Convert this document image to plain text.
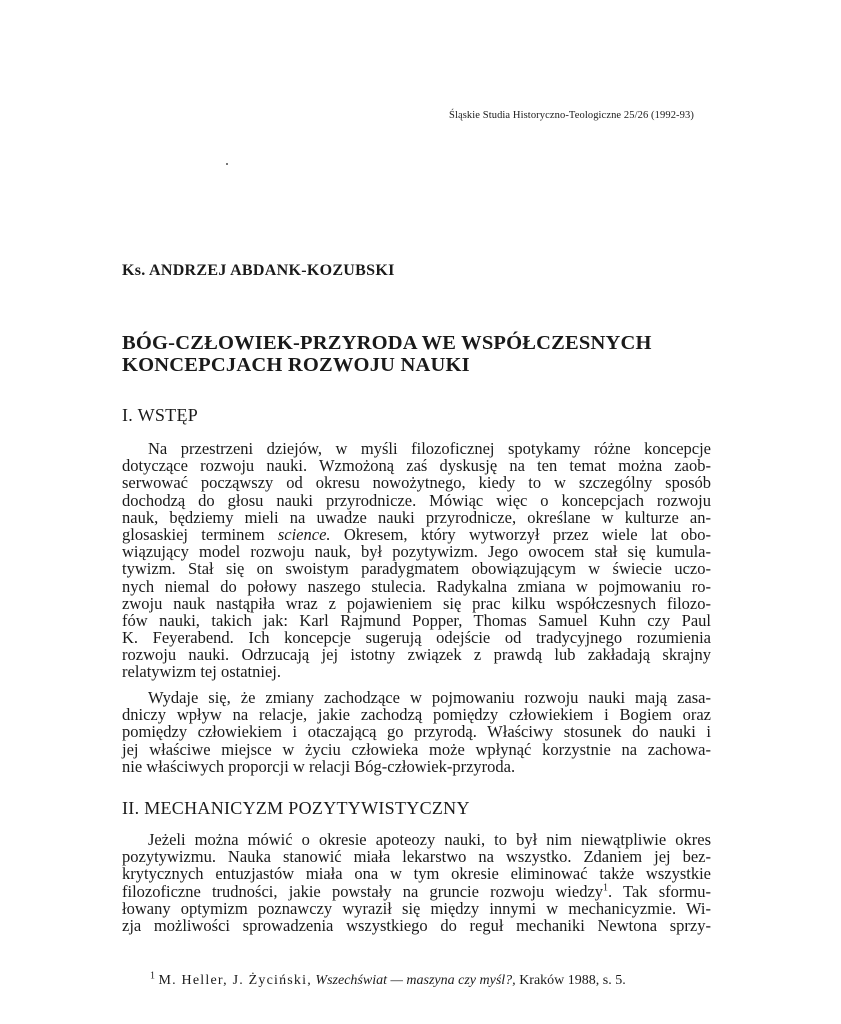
Śląskie Studia Historyczno-Teologiczne 25/26 (1992-93)
Ks. ANDRZEJ ABDANK-KOZUBSKI
BÓG-CZŁOWIEK-PRZYRODA WE WSPÓŁCZESNYCH
KONCEPCJACH ROZWOJU NAUKI
I. WSTĘP
Na przestrzeni dziejów, w myśli filozoficznej spotykamy różne koncepcje
dotyczące rozwoju nauki. Wzmożoną zaś dyskusję na ten temat można zaob-
serwować począwszy od okresu nowożytnego, kiedy to w szczególny sposób
dochodzą do głosu nauki przyrodnicze. Mówiąc więc o koncepcjach rozwoju
nauk, będziemy mieli na uwadze nauki przyrodnicze, określane w kulturze an-
glosaskiej terminem science. Okresem, który wytworzył przez wiele lat obo-
wiązujący model rozwoju nauk, był pozytywizm. Jego owocem stał się kumula-
tywizm. Stał się on swoistym paradygmatem obowiązującym w świecie uczo-
nych niemal do połowy naszego stulecia. Radykalna zmiana w pojmowaniu ro-
zwoju nauk nastąpiła wraz z pojawieniem się prac kilku współczesnych filozo-
fów nauki, takich jak: Karl Rajmund Popper, Thomas Samuel Kuhn czy Paul
K. Feyerabend. Ich koncepcje sugerują odejście od tradycyjnego rozumienia
rozwoju nauki. Odrzucają jej istotny związek z prawdą lub zakładają skrajny
relatywizm tej ostatniej.
Wydaje się, że zmiany zachodzące w pojmowaniu rozwoju nauki mają zasa-
dniczy wpływ na relacje, jakie zachodzą pomiędzy człowiekiem i Bogiem oraz
pomiędzy człowiekiem i otaczającą go przyrodą. Właściwy stosunek do nauki i
jej właściwe miejsce w życiu człowieka może wpłynąć korzystnie na zachowa-
nie właściwych proporcji w relacji Bóg-człowiek-przyroda.
II. MECHANICYZM POZYTYWISTYCZNY
Jeżeli można mówić o okresie apoteozy nauki, to był nim niewątpliwie okres
pozytywizmu. Nauka stanowić miała lekarstwo na wszystko. Zdaniem jej bez-
krytycznych entuzjastów miała ona w tym okresie eliminować także wszystkie
filozoficzne trudności, jakie powstały na gruncie rozwoju wiedzy$^1$. Tak sformu-
łowany optymizm poznawczy wyraził się między innymi w mechanicyzmie. Wi-
zja możliwości sprowadzenia wszystkiego do reguł mechaniki Newtona sprzy-
$^1$ M. Heller, J. Życiński, Wszechświat — maszyna czy myśl?, Kraków 1988, s. 5.
